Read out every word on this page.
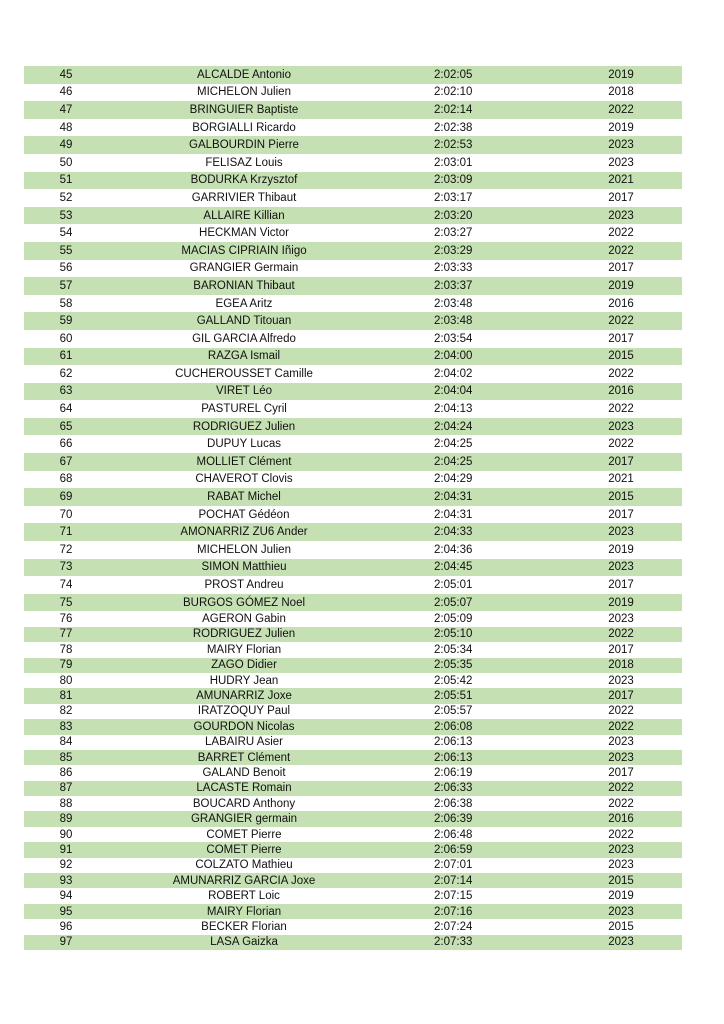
45	ALCALDE Antonio	2:02:05	2019
46	MICHELON Julien	2:02:10	2018
47	BRINGUIER Baptiste	2:02:14	2022
48	BORGIALLI Ricardo	2:02:38	2019
49	GALBOURDIN Pierre	2:02:53	2023
50	FELISAZ Louis	2:03:01	2023
51	BODURKA Krzysztof	2:03:09	2021
52	GARRIVIER Thibaut	2:03:17	2017
53	ALLAIRE Killian	2:03:20	2023
54	HECKMAN Victor	2:03:27	2022
55	MACIAS CIPRIAIN Iñigo	2:03:29	2022
56	GRANGIER Germain	2:03:33	2017
57	BARONIAN Thibaut	2:03:37	2019
58	EGEA Aritz	2:03:48	2016
59	GALLAND Titouan	2:03:48	2022
60	GIL GARCIA Alfredo	2:03:54	2017
61	RAZGA Ismail	2:04:00	2015
62	CUCHEROUSSET Camille	2:04:02	2022
63	VIRET Léo	2:04:04	2016
64	PASTUREL Cyril	2:04:13	2022
65	RODRIGUEZ Julien	2:04:24	2023
66	DUPUY Lucas	2:04:25	2022
67	MOLLIET Clément	2:04:25	2017
68	CHAVEROT Clovis	2:04:29	2021
69	RABAT Michel	2:04:31	2015
70	POCHAT Gédéon	2:04:31	2017
71	AMONARRIZ ZU6 Ander	2:04:33	2023
72	MICHELON Julien	2:04:36	2019
73	SIMON Matthieu	2:04:45	2023
74	PROST Andreu	2:05:01	2017
75	BURGOS GÓMEZ Noel	2:05:07	2019
76	AGERON Gabin	2:05:09	2023
77	RODRIGUEZ Julien	2:05:10	2022
78	MAIRY Florian	2:05:34	2017
79	ZAGO Didier	2:05:35	2018
80	HUDRY Jean	2:05:42	2023
81	AMUNARRIZ Joxe	2:05:51	2017
82	IRATZOQUY Paul	2:05:57	2022
83	GOURDON Nicolas	2:06:08	2022
84	LABAIRU Asier	2:06:13	2023
85	BARRET Clément	2:06:13	2023
86	GALAND Benoit	2:06:19	2017
87	LACASTE Romain	2:06:33	2022
88	BOUCARD Anthony	2:06:38	2022
89	GRANGIER germain	2:06:39	2016
90	COMET Pierre	2:06:48	2022
91	COMET Pierre	2:06:59	2023
92	COLZATO Mathieu	2:07:01	2023
93	AMUNARRIZ GARCIA Joxe	2:07:14	2015
94	ROBERT Loic	2:07:15	2019
95	MAIRY Florian	2:07:16	2023
96	BECKER Florian	2:07:24	2015
97	LASA Gaizka	2:07:33	2023
